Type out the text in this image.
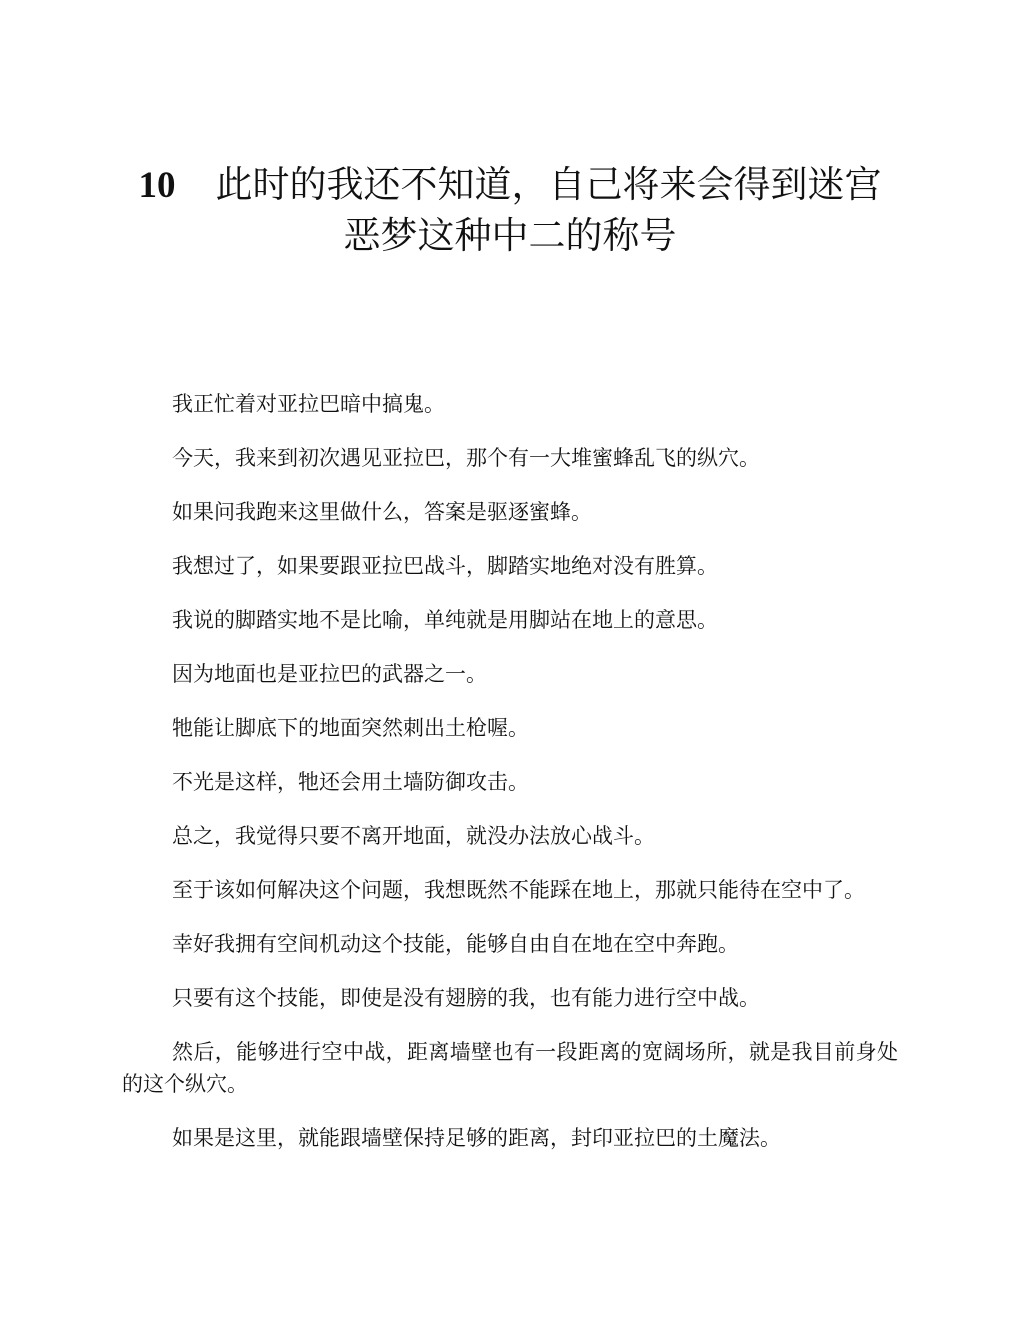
10 此时的我还不知道，自己将来会得到迷宫恶梦这种中二的称号

我正忙着对亚拉巴暗中搞鬼。

今天，我来到初次遇见亚拉巴，那个有一大堆蜜蜂乱飞的纵穴。

如果问我跑来这里做什么，答案是驱逐蜜蜂。

我想过了，如果要跟亚拉巴战斗，脚踏实地绝对没有胜算。

我说的脚踏实地不是比喻，单纯就是用脚站在地上的意思。

因为地面也是亚拉巴的武器之一。

牠能让脚底下的地面突然刺出土枪喔。

不光是这样，牠还会用土墙防御攻击。

总之，我觉得只要不离开地面，就没办法放心战斗。

至于该如何解决这个问题，我想既然不能踩在地上，那就只能待在空中了。

幸好我拥有空间机动这个技能，能够自由自在地在空中奔跑。

只要有这个技能，即使是没有翅膀的我，也有能力进行空中战。

然后，能够进行空中战，距离墙壁也有一段距离的宽阔场所，就是我目前身处的这个纵穴。

如果是这里，就能跟墙壁保持足够的距离，封印亚拉巴的土魔法。
